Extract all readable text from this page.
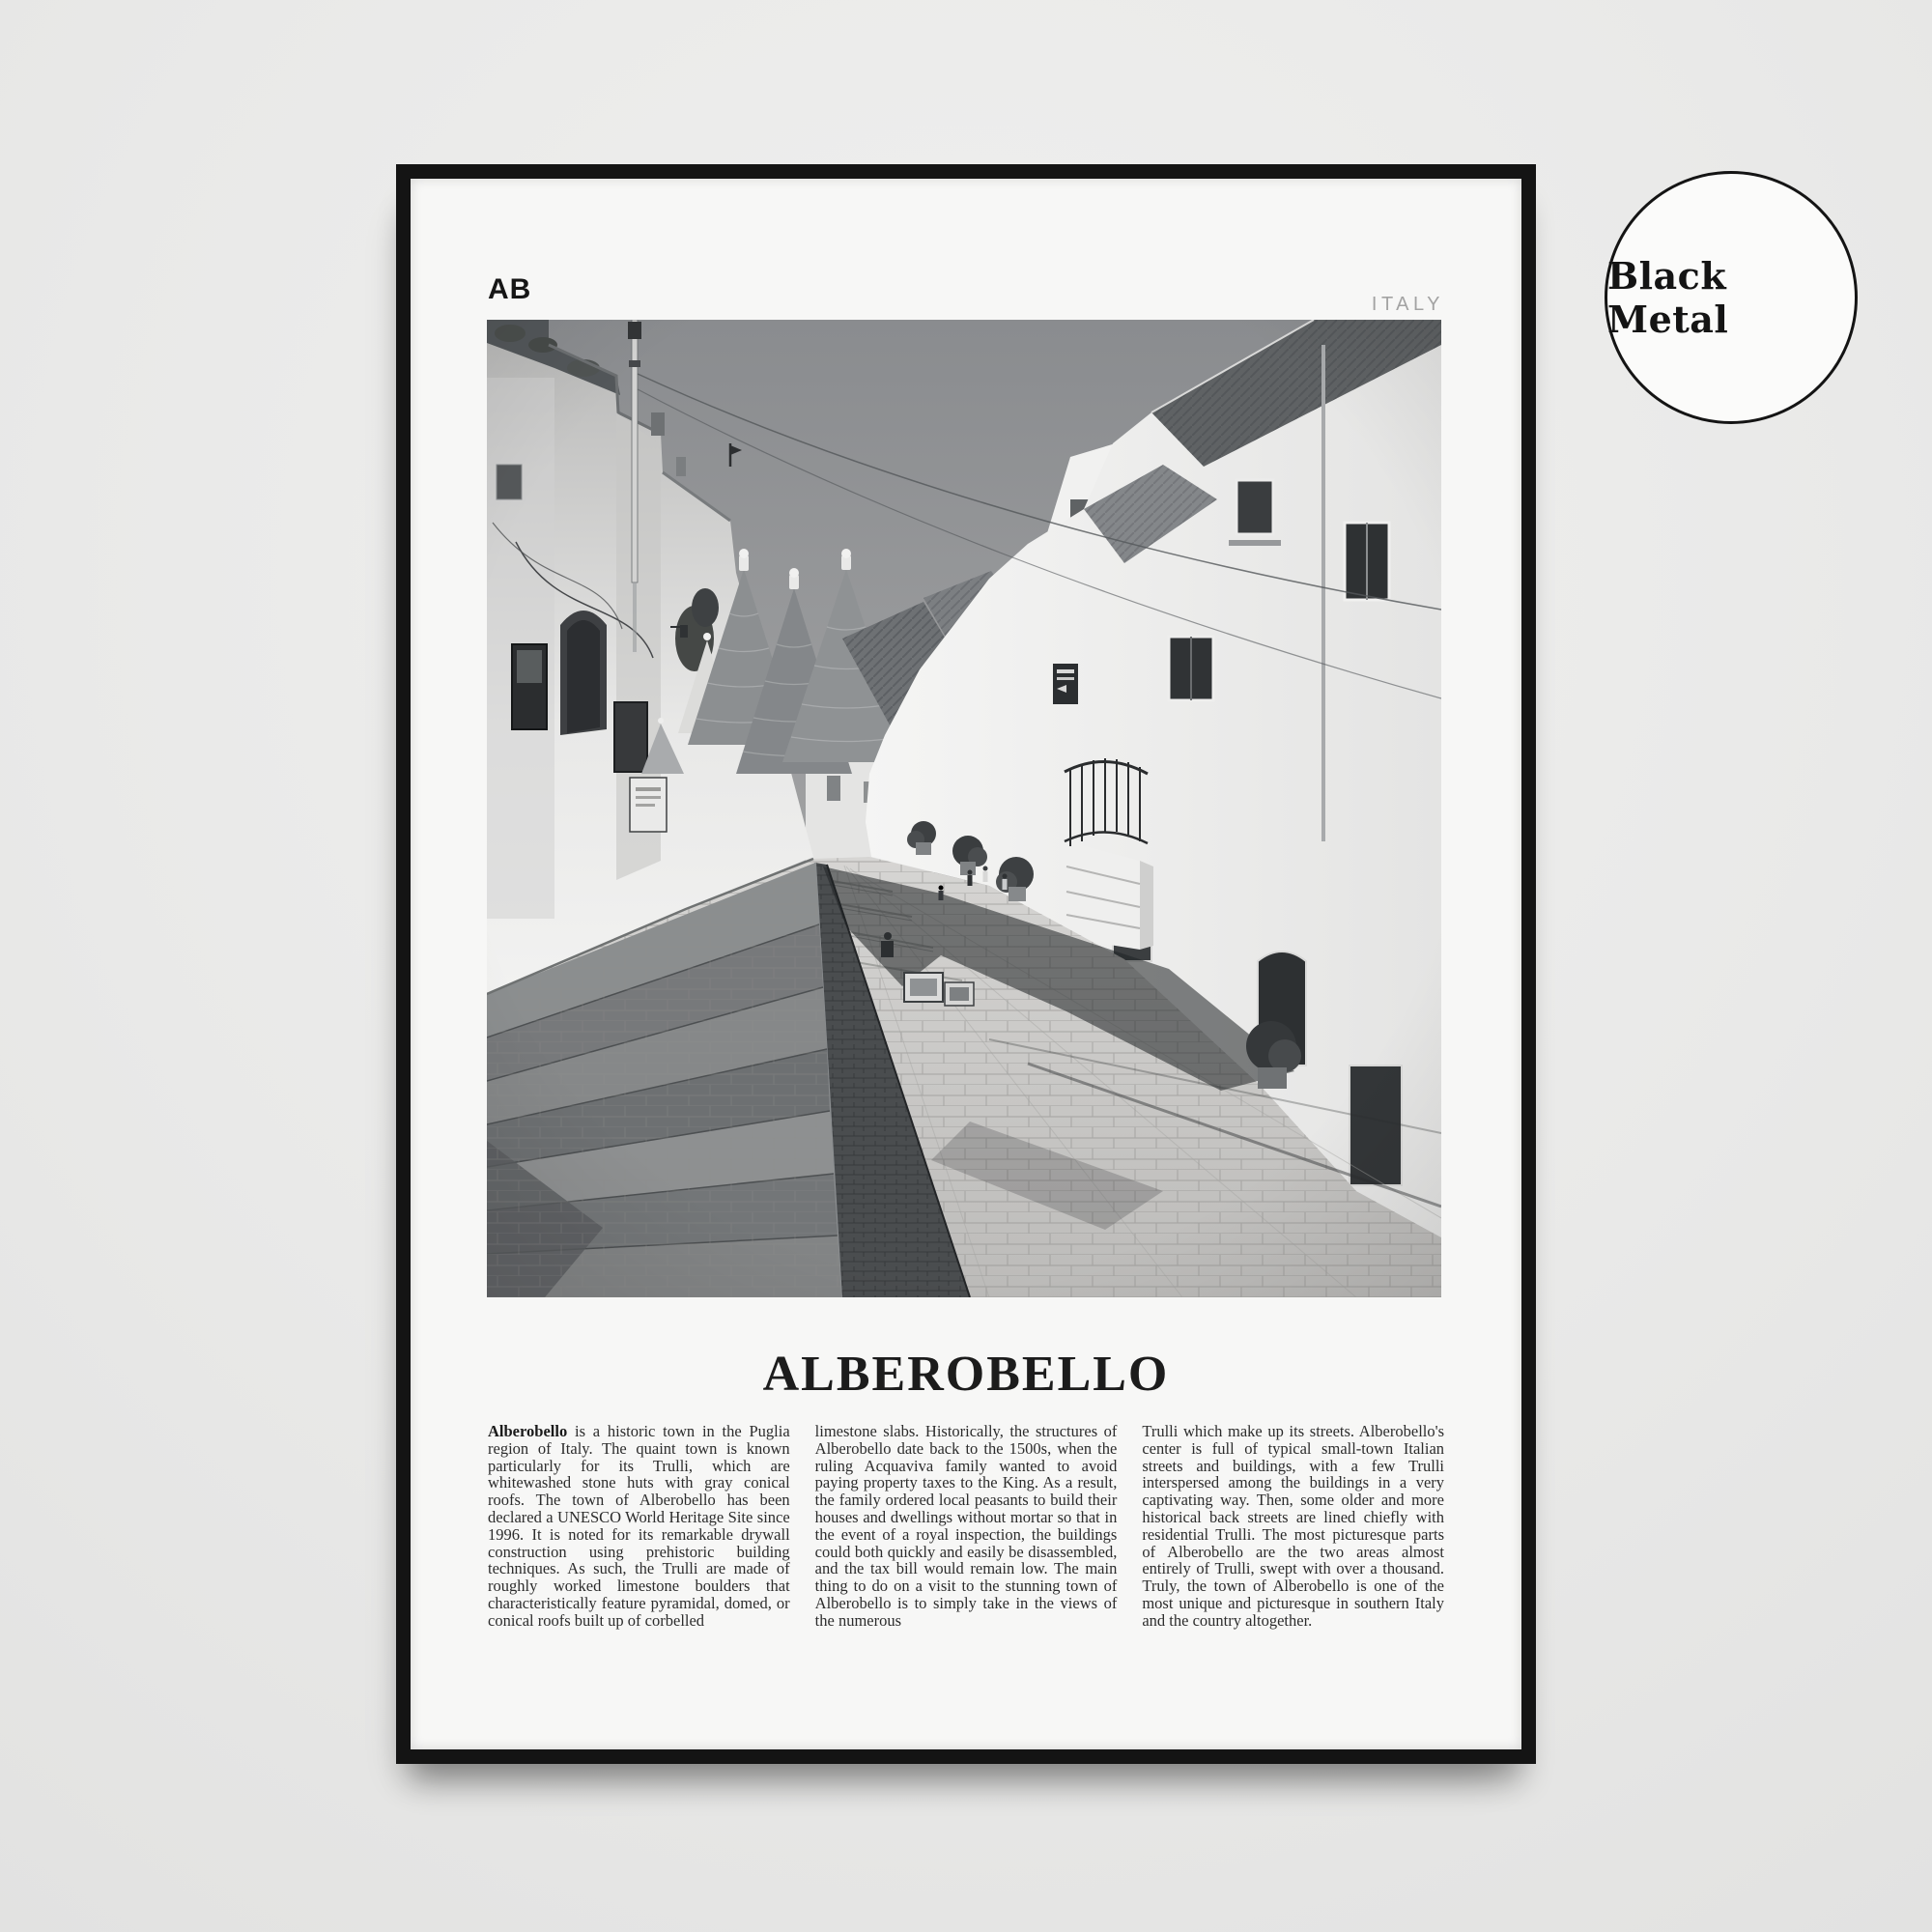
AB	ITALY
ALBEROBELLO

Alberobello is a historic town in the Puglia region of Italy. The quaint town is known particularly for its Trulli, which are whitewashed stone huts with gray conical roofs. The town of Alberobello has been declared a UNESCO World Heritage Site since 1996. It is noted for its remarkable drywall construction using prehistoric building techniques. As such, the Trulli are made of roughly worked limestone boulders that characteristically feature pyramidal, domed, or conical roofs built up of corbelled

limestone slabs. Historically, the structures of Alberobello date back to the 1500s, when the ruling Acquaviva family wanted to avoid paying property taxes to the King. As a result, the family ordered local peasants to build their houses and dwellings without mortar so that in the event of a royal inspection, the buildings could both quickly and easily be disassembled, and the tax bill would remain low. The main thing to do on a visit to the stunning town of Alberobello is to simply take in the views of the numerous

Trulli which make up its streets. Alberobello's center is full of typical small-town Italian streets and buildings, with a few Trulli interspersed among the buildings in a very captivating way. Then, some older and more historical back streets are lined chiefly with residential Trulli. The most picturesque parts of Alberobello are the two areas almost entirely of Trulli, swept with over a thousand. Truly, the town of Alberobello is one of the most unique and picturesque in southern Italy and the country altogether.

Black Metal
